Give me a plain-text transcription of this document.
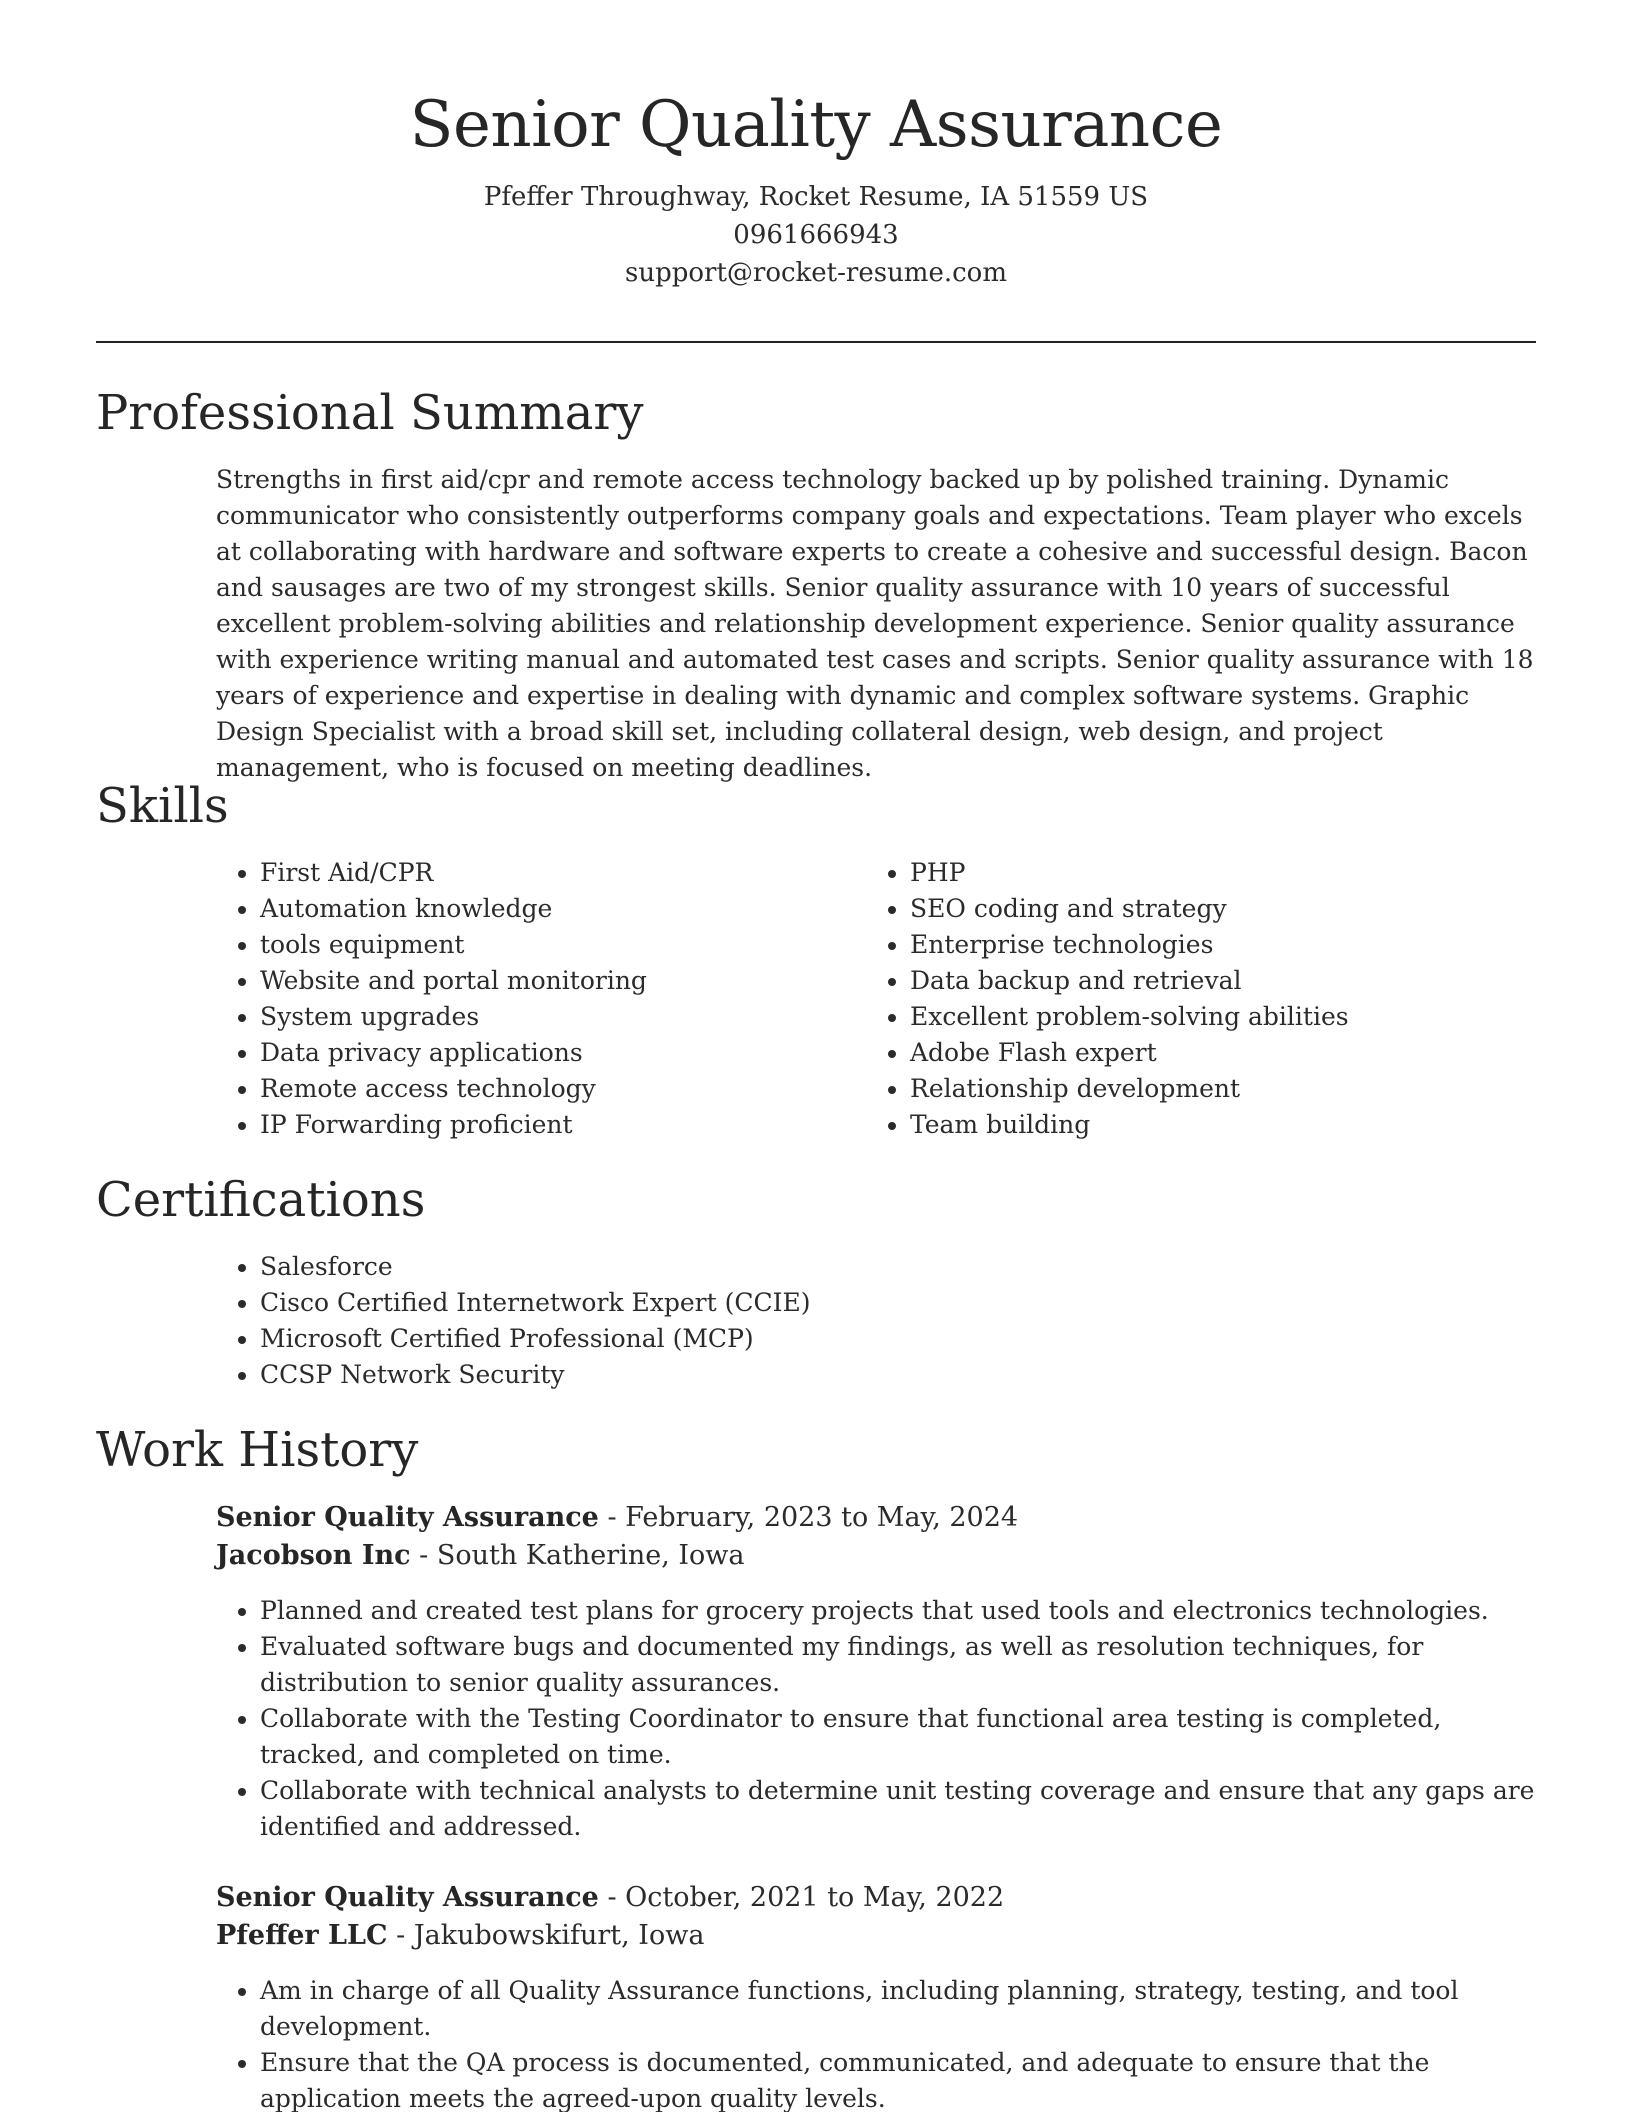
Senior Quality Assurance
Pfeffer Throughway, Rocket Resume, IA 51559 US
0961666943
support@rocket-resume.com
Professional Summary

Strengths in first aid/cpr and remote access technology backed up by polished training. Dynamic communicator who consistently outperforms company goals and expectations. Team player who excels at collaborating with hardware and software experts to create a cohesive and successful design. Bacon and sausages are two of my strongest skills. Senior quality assurance with 10 years of successful excellent problem-solving abilities and relationship development experience. Senior quality assurance with experience writing manual and automated test cases and scripts. Senior quality assurance with 18 years of experience and expertise in dealing with dynamic and complex software systems. Graphic Design Specialist with a broad skill set, including collateral design, web design, and project management, who is focused on meeting deadlines.

Skills
• First Aid/CPR
• Automation knowledge
• tools equipment
• Website and portal monitoring
• System upgrades
• Data privacy applications
• Remote access technology
• IP Forwarding proficient
• PHP
• SEO coding and strategy
• Enterprise technologies
• Data backup and retrieval
• Excellent problem-solving abilities
• Adobe Flash expert
• Relationship development
• Team building
Certifications
• Salesforce
• Cisco Certified Internetwork Expert (CCIE)
• Microsoft Certified Professional (MCP)
• CCSP Network Security
Work History
Senior Quality Assurance - February, 2023 to May, 2024
Jacobson Inc - South Katherine, Iowa
• Planned and created test plans for grocery projects that used tools and electronics technologies.
• Evaluated software bugs and documented my findings, as well as resolution techniques, for distribution to senior quality assurances.
• Collaborate with the Testing Coordinator to ensure that functional area testing is completed, tracked, and completed on time.
• Collaborate with technical analysts to determine unit testing coverage and ensure that any gaps are identified and addressed.
Senior Quality Assurance - October, 2021 to May, 2022
Pfeffer LLC - Jakubowskifurt, Iowa
• Am in charge of all Quality Assurance functions, including planning, strategy, testing, and tool development.
• Ensure that the QA process is documented, communicated, and adequate to ensure that the application meets the agreed-upon quality levels.
